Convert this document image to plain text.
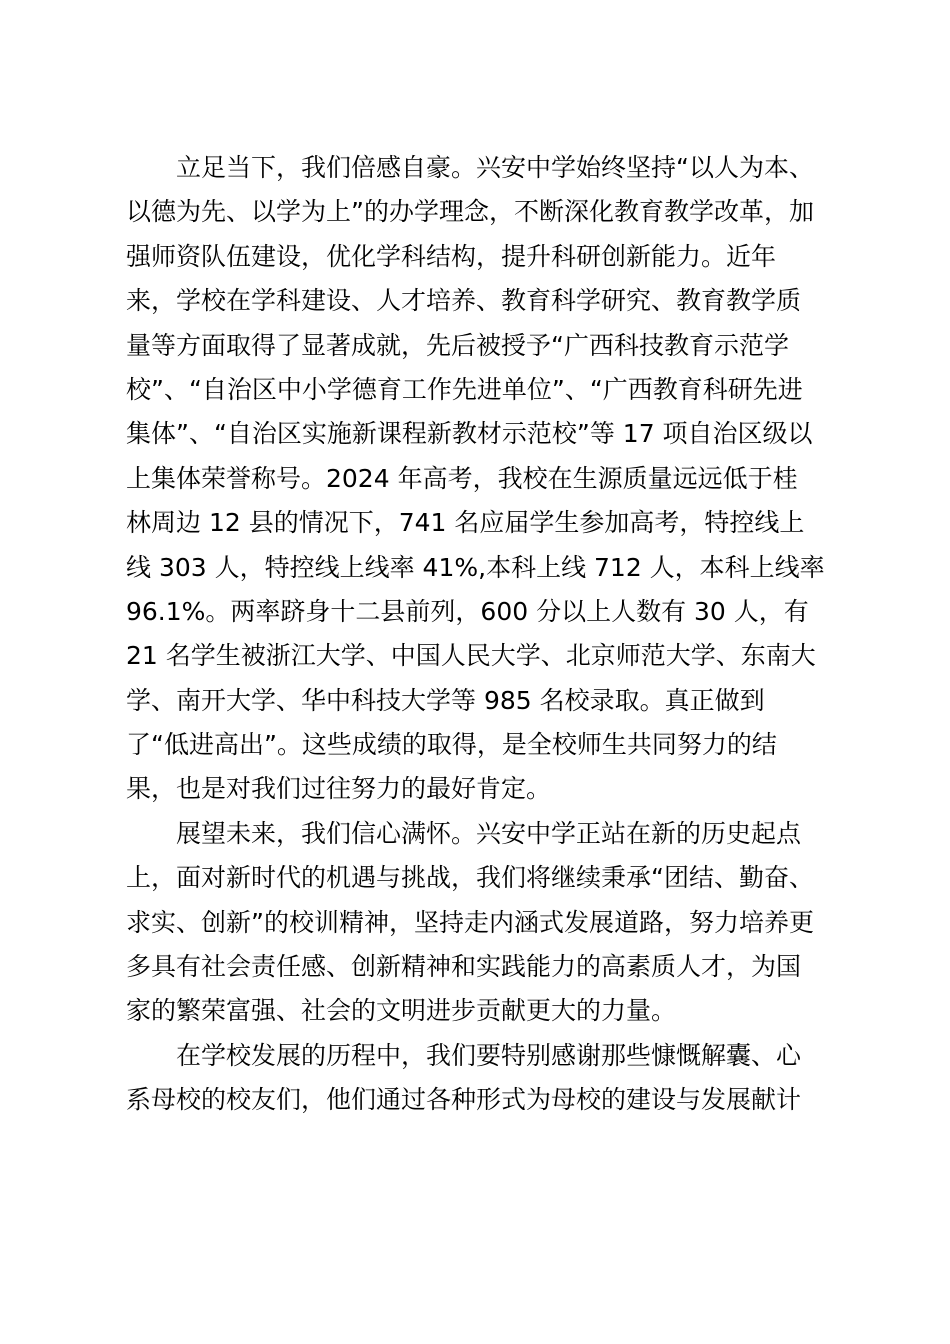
立足当下，我们倍感自豪。兴安中学始终坚持“以人为本、
以德为先、以学为上”的办学理念，不断深化教育教学改革，加
强师资队伍建设，优化学科结构，提升科研创新能力。近年
来，学校在学科建设、人才培养、教育科学研究、教育教学质
量等方面取得了显著成就，先后被授予“广西科技教育示范学
校”、“自治区中小学德育工作先进单位”、“广西教育科研先进
集体”、“自治区实施新课程新教材示范校”等 17 项自治区级以
上集体荣誉称号。2024 年高考，我校在生源质量远远低于桂
林周边 12 县的情况下，741 名应届学生参加高考，特控线上
线 303 人，特控线上线率 41%,本科上线 712 人，本科上线率
96.1%。两率跻身十二县前列，600 分以上人数有 30 人，有
21 名学生被浙江大学、中国人民大学、北京师范大学、东南大
学、南开大学、华中科技大学等 985 名校录取。真正做到
了“低进高出”。这些成绩的取得，是全校师生共同努力的结
果，也是对我们过往努力的最好肯定。
展望未来，我们信心满怀。兴安中学正站在新的历史起点
上，面对新时代的机遇与挑战，我们将继续秉承“团结、勤奋、
求实、创新”的校训精神，坚持走内涵式发展道路，努力培养更
多具有社会责任感、创新精神和实践能力的高素质人才，为国
家的繁荣富强、社会的文明进步贡献更大的力量。
在学校发展的历程中，我们要特别感谢那些慷慨解囊、心
系母校的校友们，他们通过各种形式为母校的建设与发展献计
